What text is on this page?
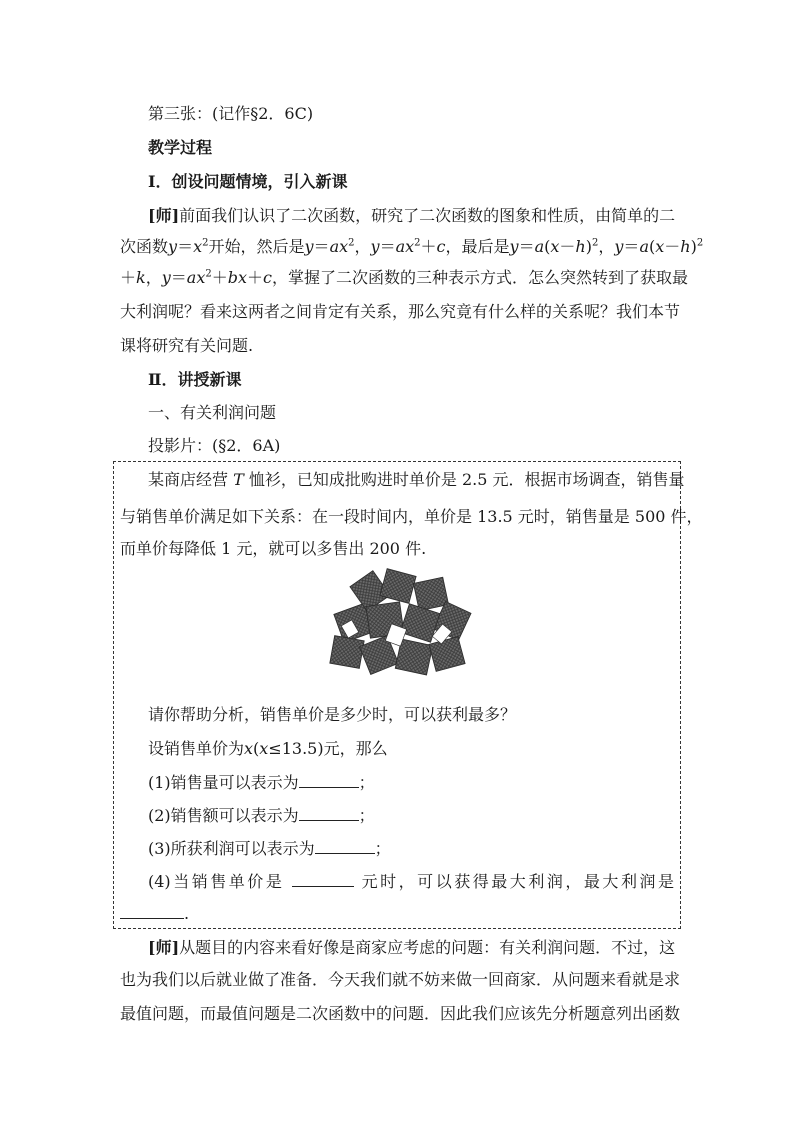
第三张：(记作§2．6C)
教学过程
Ⅰ．创设问题情境，引入新课
[师]前面我们认识了二次函数，研究了二次函数的图象和性质，由简单的二
次函数$y=x^2$开始，然后是$y=ax^2$，$y=ax^2+c$，最后是$y=a(x-h)^2$，$y=a(x-h)^2$
＋k，$y=ax^2+bx+c$，掌握了二次函数的三种表示方式．怎么突然转到了获取最
大利润呢？看来这两者之间肯定有关系，那么究竟有什么样的关系呢？我们本节
课将研究有关问题.
Ⅱ．讲授新课
一、有关利润问题
投影片：(§2．6A)
某商店经营 T 恤衫，已知成批购进时单价是 2.5 元．根据市场调查，销售量
与销售单价满足如下关系：在一段时间内，单价是 13.5 元时，销售量是 500 件，
而单价每降低 1 元，就可以多售出 200 件.
请你帮助分析，销售单价是多少时，可以获利最多？
设销售单价为x(x≤13.5)元，那么
(1)销售量可以表示为	；
(2)销售额可以表示为	；
(3)所获利润可以表示为	；
(4)当销售单价是	元时，可以获得最大利润，最大利润是
.
[师]从题目的内容来看好像是商家应考虑的问题：有关利润问题．不过，这
也为我们以后就业做了准备．今天我们就不妨来做一回商家．从问题来看就是求
最值问题，而最值问题是二次函数中的问题．因此我们应该先分析题意列出函数
